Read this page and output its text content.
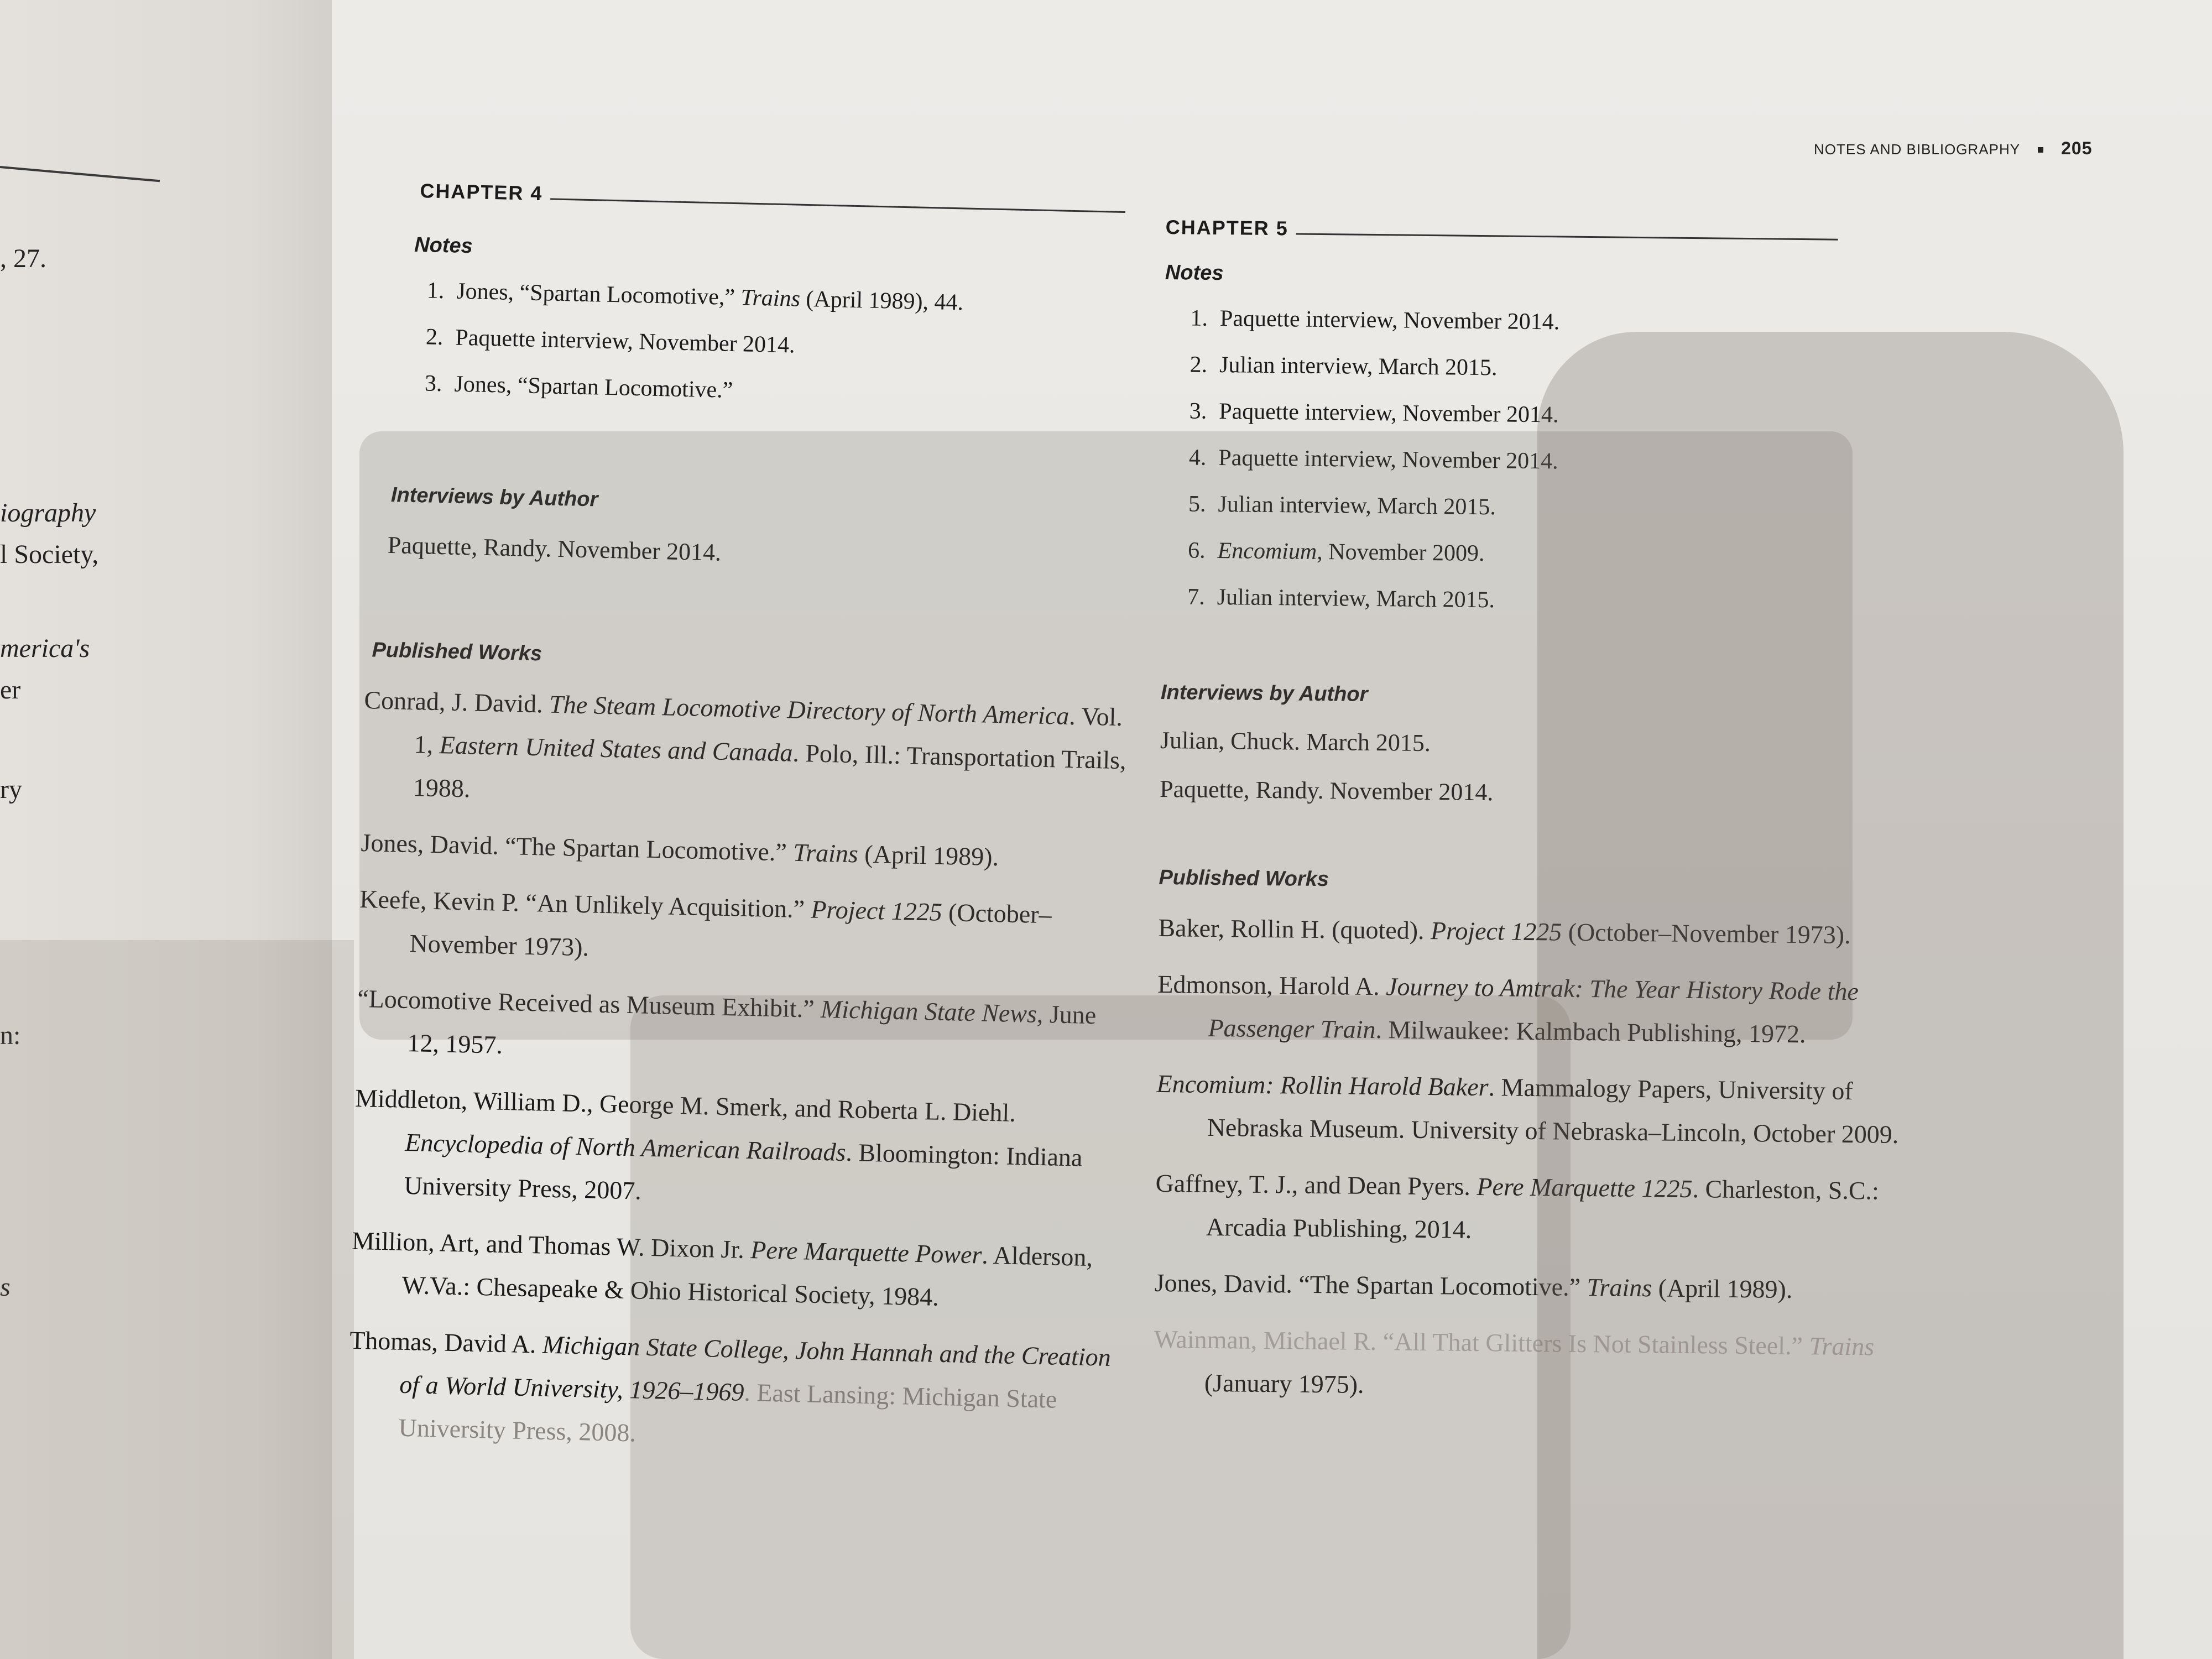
, 27.
iography
l Society,
merica's
er
ry
n:
s
NOTES AND BIBLIOGRAPHY 205
CHAPTER 4
Notes
1. Jones, “Spartan Locomotive,” Trains (April 1989), 44.
2. Paquette interview, November 2014.
3. Jones, “Spartan Locomotive.”
Interviews by Author
Paquette, Randy. November 2014.
Published Works
Conrad, J. David. The Steam Locomotive Directory of North America. Vol. 1, Eastern United States and Canada. Polo, Ill.: Transportation Trails, 1988.
Jones, David. “The Spartan Locomotive.” Trains (April 1989).
Keefe, Kevin P. “An Unlikely Acquisition.” Project 1225 (October–November 1973).
“Locomotive Received as Museum Exhibit.” Michigan State News, June 12, 1957.
Middleton, William D., George M. Smerk, and Roberta L. Diehl. Encyclopedia of North American Railroads. Bloomington: Indiana University Press, 2007.
Million, Art, and Thomas W. Dixon Jr. Pere Marquette Power. Alderson, W.Va.: Chesapeake & Ohio Historical Society, 1984.
Thomas, David A. Michigan State College, John Hannah and the Creation of a World University, 1926–1969. East Lansing: Michigan State University Press, 2008.
CHAPTER 5
Notes
1. Paquette interview, November 2014.
2. Julian interview, March 2015.
3. Paquette interview, November 2014.
4. Paquette interview, November 2014.
5. Julian interview, March 2015.
6. Encomium, November 2009.
7. Julian interview, March 2015.
Interviews by Author
Julian, Chuck. March 2015.
Paquette, Randy. November 2014.
Published Works
Baker, Rollin H. (quoted). Project 1225 (October–November 1973).
Edmonson, Harold A. Journey to Amtrak: The Year History Rode the Passenger Train. Milwaukee: Kalmbach Publishing, 1972.
Encomium: Rollin Harold Baker. Mammalogy Papers, University of Nebraska Museum. University of Nebraska–Lincoln, October 2009.
Gaffney, T. J., and Dean Pyers. Pere Marquette 1225. Charleston, S.C.: Arcadia Publishing, 2014.
Jones, David. “The Spartan Locomotive.” Trains (April 1989).
Wainman, Michael R. “All That Glitters Is Not Stainless Steel.” Trains (January 1975).
